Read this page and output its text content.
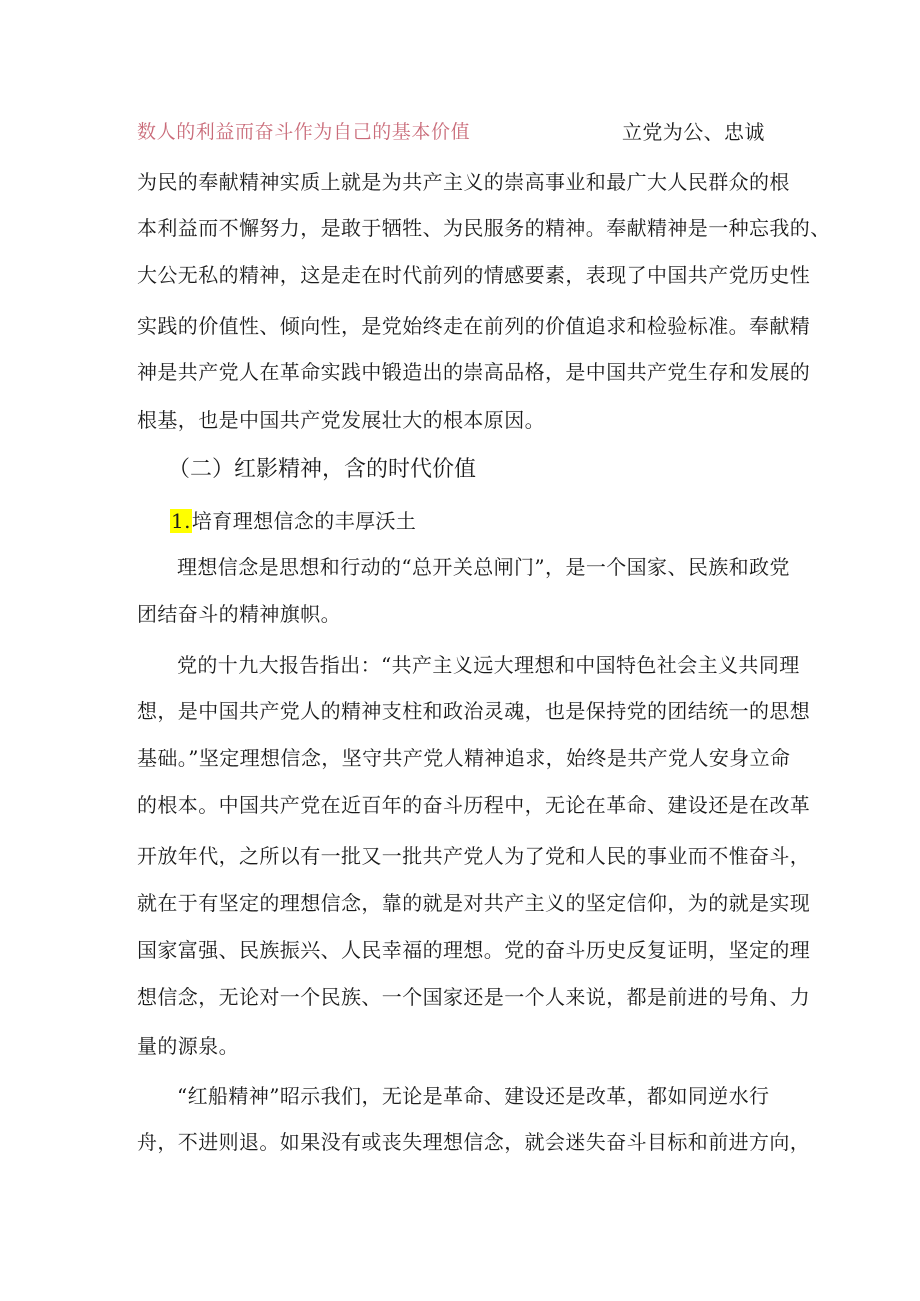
数人的利益而奋斗作为自己的基本价值	立党为公、忠诚
为民的奉献精神实质上就是为共产主义的崇高事业和最广大人民群众的根
本利益而不懈努力，是敢于牺牲、为民服务的精神。奉献精神是一种忘我的、
大公无私的精神，这是走在时代前列的情感要素，表现了中国共产党历史性
实践的价值性、倾向性，是党始终走在前列的价值追求和检验标准。奉献精
神是共产党人在革命实践中锻造出的崇高品格，是中国共产党生存和发展的
根基，也是中国共产党发展壮大的根本原因。
（二）红影精神，含的时代价值
1.培育理想信念的丰厚沃土
理想信念是思想和行动的“总开关总闸门”，是一个国家、民族和政党
团结奋斗的精神旗帜。
党的十九大报告指出：“共产主义远大理想和中国特色社会主义共同理
想，是中国共产党人的精神支柱和政治灵魂，也是保持党的团结统一的思想
基础。”坚定理想信念，坚守共产党人精神追求，始终是共产党人安身立命
的根本。中国共产党在近百年的奋斗历程中，无论在革命、建设还是在改革
开放年代，之所以有一批又一批共产党人为了党和人民的事业而不惟奋斗，
就在于有坚定的理想信念，靠的就是对共产主义的坚定信仰，为的就是实现
国家富强、民族振兴、人民幸福的理想。党的奋斗历史反复证明，坚定的理
想信念，无论对一个民族、一个国家还是一个人来说，都是前进的号角、力
量的源泉。
“红船精神”昭示我们，无论是革命、建设还是改革，都如同逆水行
舟，不进则退。如果没有或丧失理想信念，就会迷失奋斗目标和前进方向，
